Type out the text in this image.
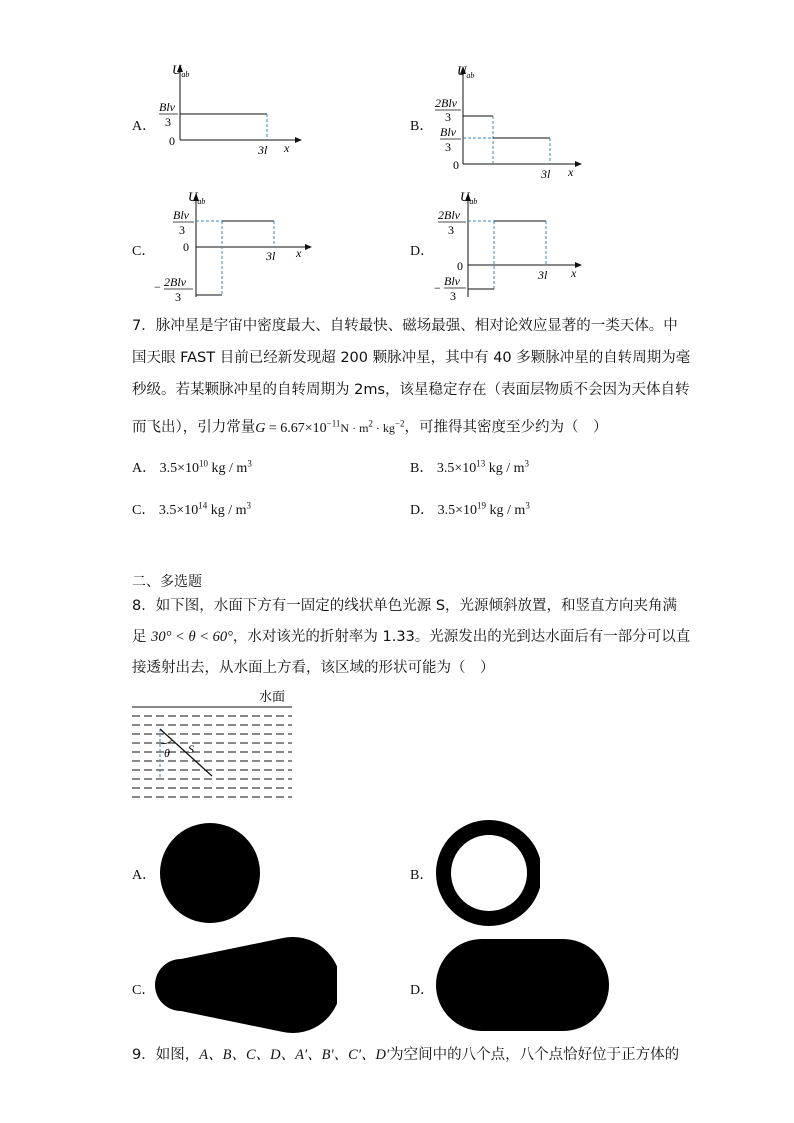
A．
$U_{ab}$
Blv
3
0
3l x
B．
$U_{ab}$
2Blv
3
Blv
3
0
3l x
C．
$U_{ab}$
Blv
3
0
− 2Blv
3
3l x	D．
$U_{ab}$
2Blv
3
0
− Blv
3
3l x
7．脉冲星是宇宙中密度最大、自转最快、磁场最强、相对论效应显著的一类天体。中
国天眼 FAST 目前已经新发现超 200 颗脉冲星，其中有 40 多颗脉冲星的自转周期为毫
秒级。若某颗脉冲星的自转周期为 2ms，该星稳定存在（表面层物质不会因为天体自转
而飞出），引力常量$G = 6.67\times 10^{-11}N \cdot m^2 \cdot kg^{-2}$，可推得其密度至少约为（　）
A． $3.5\times 10^{10}$ kg / $m^3$	B． $3.5\times 10^{13}$ kg / $m^3$
C． $3.5\times 10^{14}$ kg / $m^3$	D． $3.5\times 10^{19}$ kg / $m^3$
二、多选题
8．如下图，水面下方有一固定的线状单色光源 S，光源倾斜放置，和竖直方向夹角满
足 30° < θ < 60°，水对该光的折射率为 1.33。光源发出的光到达水面后有一部分可以直
接透射出去，从水面上方看，该区域的形状可能为（　）
水面
θ S
A．	B．
C．	D．
9．如图，A、B、C、D、A′、B′、C′、D′为空间中的八个点，八个点恰好位于正方体的
